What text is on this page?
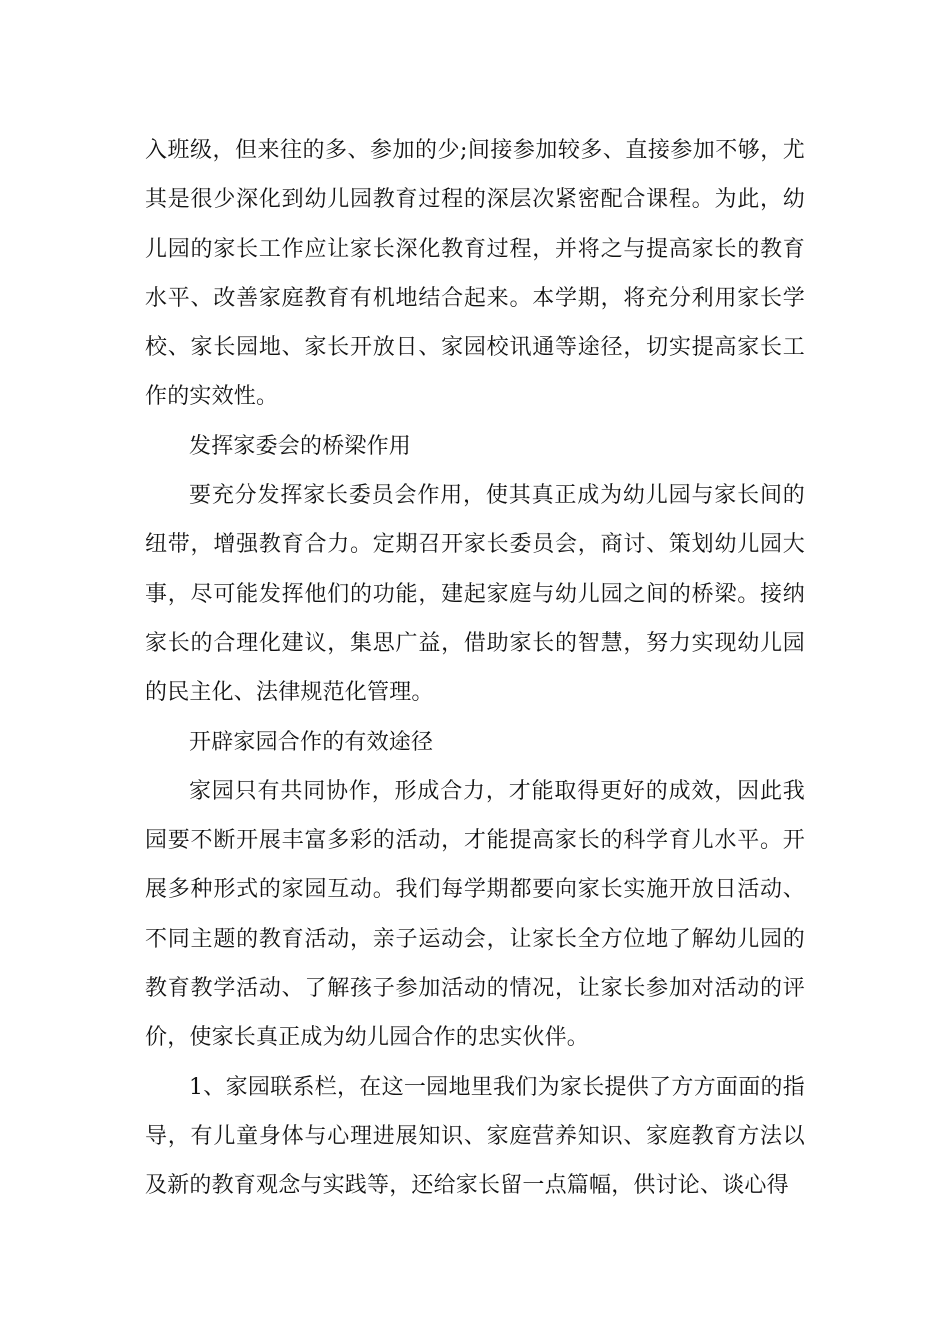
入班级，但来往的多、参加的少;间接参加较多、直接参加不够，尤其是很少深化到幼儿园教育过程的深层次紧密配合课程。为此，幼儿园的家长工作应让家长深化教育过程，并将之与提高家长的教育水平、改善家庭教育有机地结合起来。本学期，将充分利用家长学校、家长园地、家长开放日、家园校讯通等途径，切实提高家长工作的实效性。

发挥家委会的桥梁作用

要充分发挥家长委员会作用，使其真正成为幼儿园与家长间的纽带，增强教育合力。定期召开家长委员会，商讨、策划幼儿园大事，尽可能发挥他们的功能，建起家庭与幼儿园之间的桥梁。接纳家长的合理化建议，集思广益，借助家长的智慧，努力实现幼儿园的民主化、法律规范化管理。

开辟家园合作的有效途径

家园只有共同协作，形成合力，才能取得更好的成效，因此我园要不断开展丰富多彩的活动，才能提高家长的科学育儿水平。开展多种形式的家园互动。我们每学期都要向家长实施开放日活动、不同主题的教育活动，亲子运动会，让家长全方位地了解幼儿园的教育教学活动、了解孩子参加活动的情况，让家长参加对活动的评价，使家长真正成为幼儿园合作的忠实伙伴。

1、家园联系栏，在这一园地里我们为家长提供了方方面面的指导，有儿童身体与心理进展知识、家庭营养知识、家庭教育方法以及新的教育观念与实践等，还给家长留一点篇幅，供讨论、谈心得
